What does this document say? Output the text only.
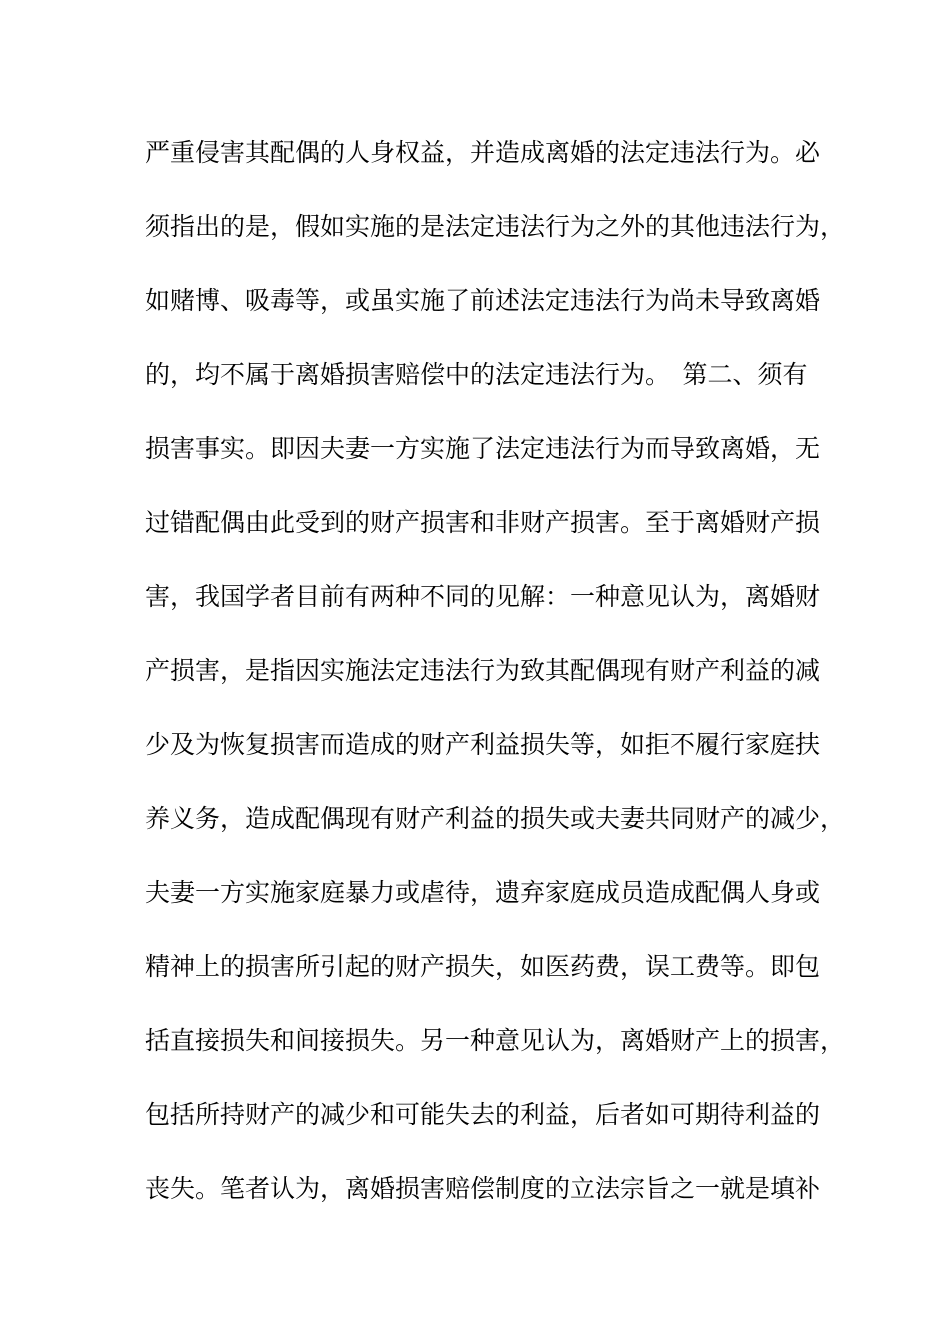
严重侵害其配偶的人身权益，并造成离婚的法定违法行为。必
须指出的是，假如实施的是法定违法行为之外的其他违法行为，
如赌博、吸毒等，或虽实施了前述法定违法行为尚未导致离婚
的，均不属于离婚损害赔偿中的法定违法行为。　第二、须有
损害事实。即因夫妻一方实施了法定违法行为而导致离婚，无
过错配偶由此受到的财产损害和非财产损害。至于离婚财产损
害，我国学者目前有两种不同的见解：一种意见认为，离婚财
产损害，是指因实施法定违法行为致其配偶现有财产利益的减
少及为恢复损害而造成的财产利益损失等，如拒不履行家庭扶
养义务，造成配偶现有财产利益的损失或夫妻共同财产的减少，
夫妻一方实施家庭暴力或虐待，遗弃家庭成员造成配偶人身或
精神上的损害所引起的财产损失，如医药费，误工费等。即包
括直接损失和间接损失。另一种意见认为，离婚财产上的损害，
包括所持财产的减少和可能失去的利益，后者如可期待利益的
丧失。笔者认为，离婚损害赔偿制度的立法宗旨之一就是填补
